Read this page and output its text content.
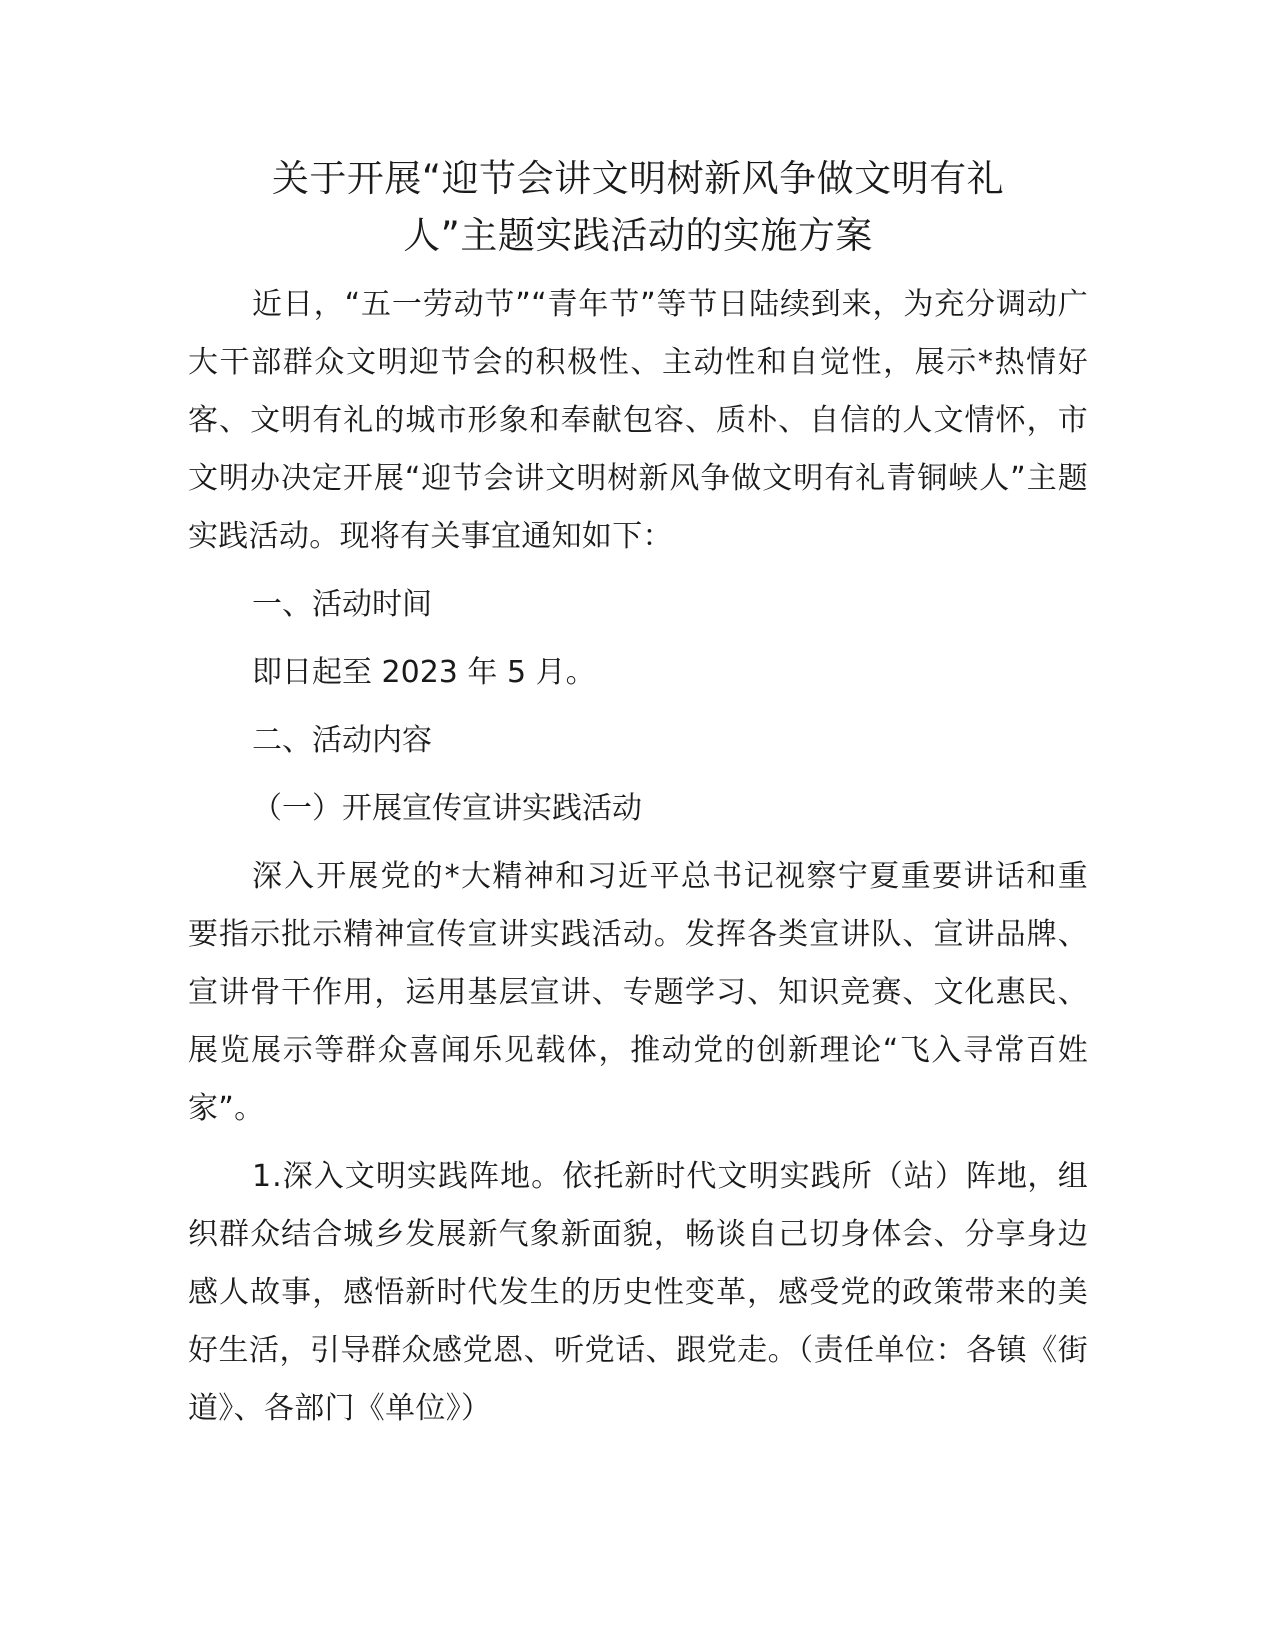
关于开展“迎节会讲文明树新风争做文明有礼
人”主题实践活动的实施方案

近日，“五一劳动节”“青年节”等节日陆续到来，为充分调动广大干部群众文明迎节会的积极性、主动性和自觉性，展示*热情好客、文明有礼的城市形象和奉献包容、质朴、自信的人文情怀，市文明办决定开展“迎节会讲文明树新风争做文明有礼青铜峡人”主题实践活动。现将有关事宜通知如下：

一、活动时间

即日起至 2023 年 5 月。

二、活动内容

（一）开展宣传宣讲实践活动

深入开展党的*大精神和习近平总书记视察宁夏重要讲话和重要指示批示精神宣传宣讲实践活动。发挥各类宣讲队、宣讲品牌、宣讲骨干作用，运用基层宣讲、专题学习、知识竞赛、文化惠民、展览展示等群众喜闻乐见载体，推动党的创新理论“飞入寻常百姓家”。

1.深入文明实践阵地。依托新时代文明实践所（站）阵地，组织群众结合城乡发展新气象新面貌，畅谈自己切身体会、分享身边感人故事，感悟新时代发生的历史性变革，感受党的政策带来的美好生活，引导群众感党恩、听党话、跟党走。（责任单位：各镇《街道》、各部门《单位》）
